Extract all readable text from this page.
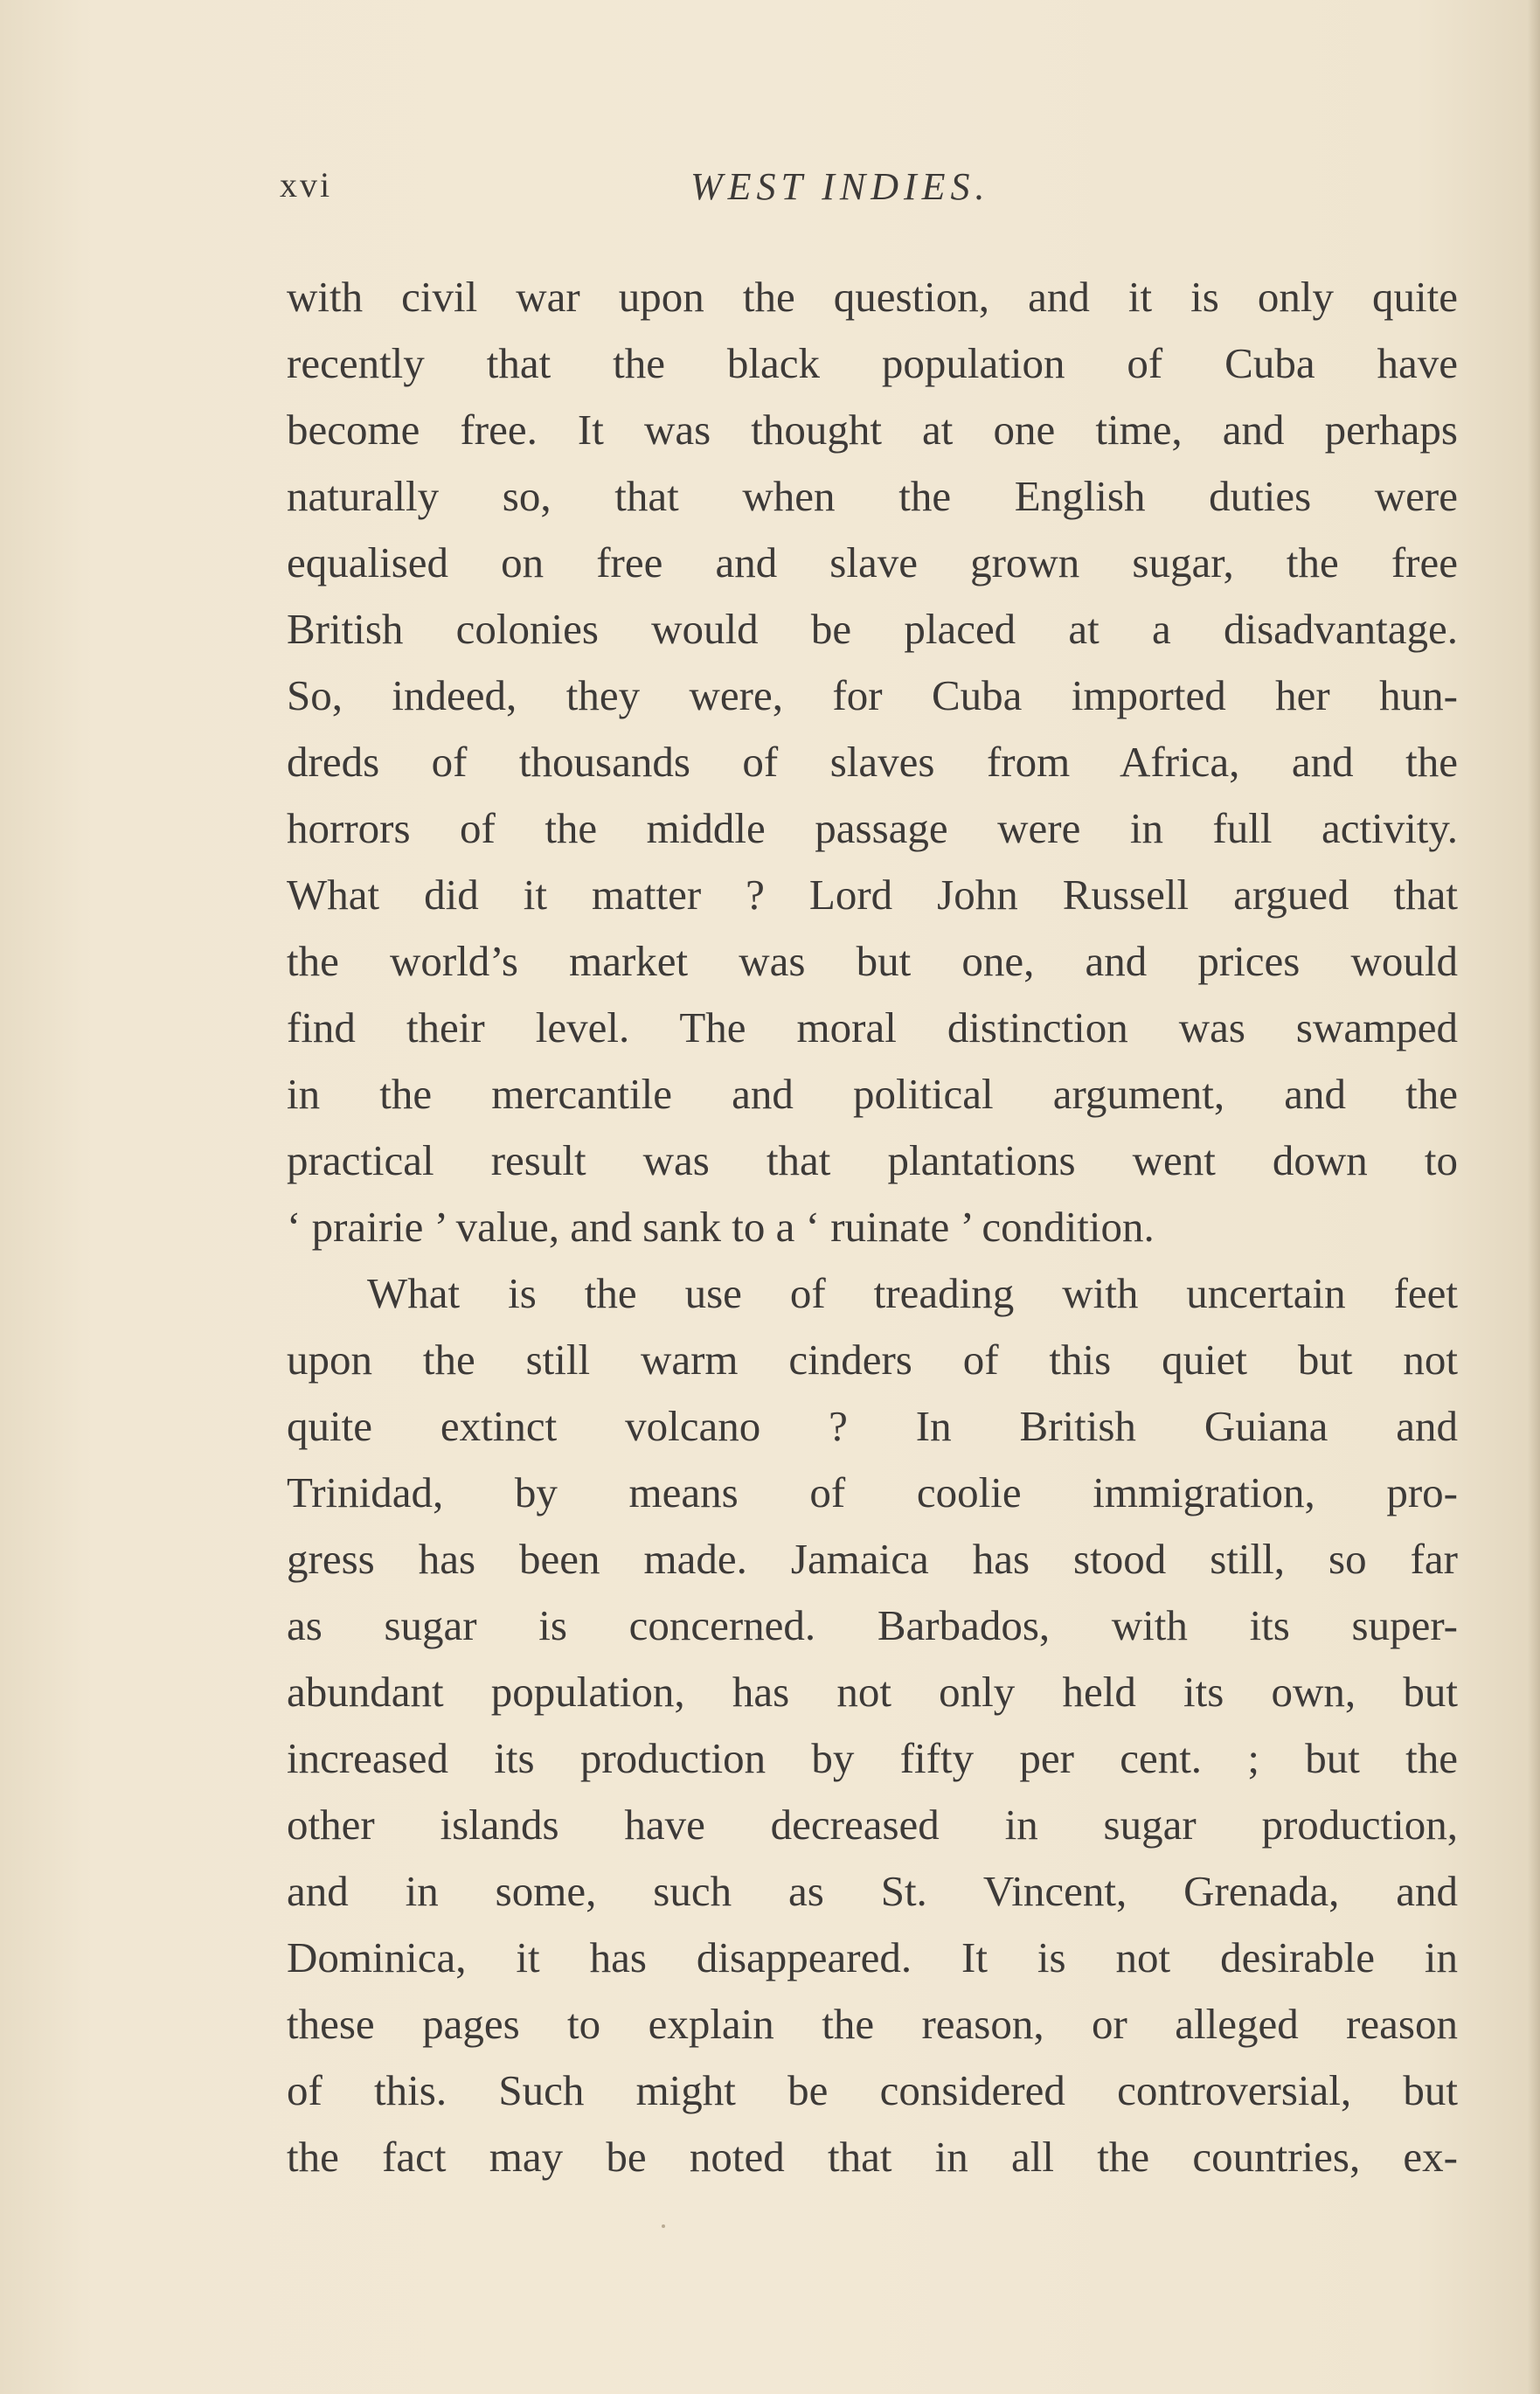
xvi	WEST INDIES.
with civil war upon the question, and it is only quite
recently that the black population of Cuba have
become free. It was thought at one time, and perhaps
naturally so, that when the English duties were
equalised on free and slave grown sugar, the free
British colonies would be placed at a disadvantage.
So, indeed, they were, for Cuba imported her hun-
dreds of thousands of slaves from Africa, and the
horrors of the middle passage were in full activity.
What did it matter ? Lord John Russell argued that
the world’s market was but one, and prices would
find their level. The moral distinction was swamped
in the mercantile and political argument, and the
practical result was that plantations went down to
‘ prairie ’ value, and sank to a ‘ ruinate ’ condition.
What is the use of treading with uncertain feet
upon the still warm cinders of this quiet but not
quite extinct volcano ? In British Guiana and
Trinidad, by means of coolie immigration, pro-
gress has been made. Jamaica has stood still, so far
as sugar is concerned. Barbados, with its super-
abundant population, has not only held its own, but
increased its production by fifty per cent. ; but the
other islands have decreased in sugar production,
and in some, such as St. Vincent, Grenada, and
Dominica, it has disappeared. It is not desirable in
these pages to explain the reason, or alleged reason
of this. Such might be considered controversial, but
the fact may be noted that in all the countries, ex-
